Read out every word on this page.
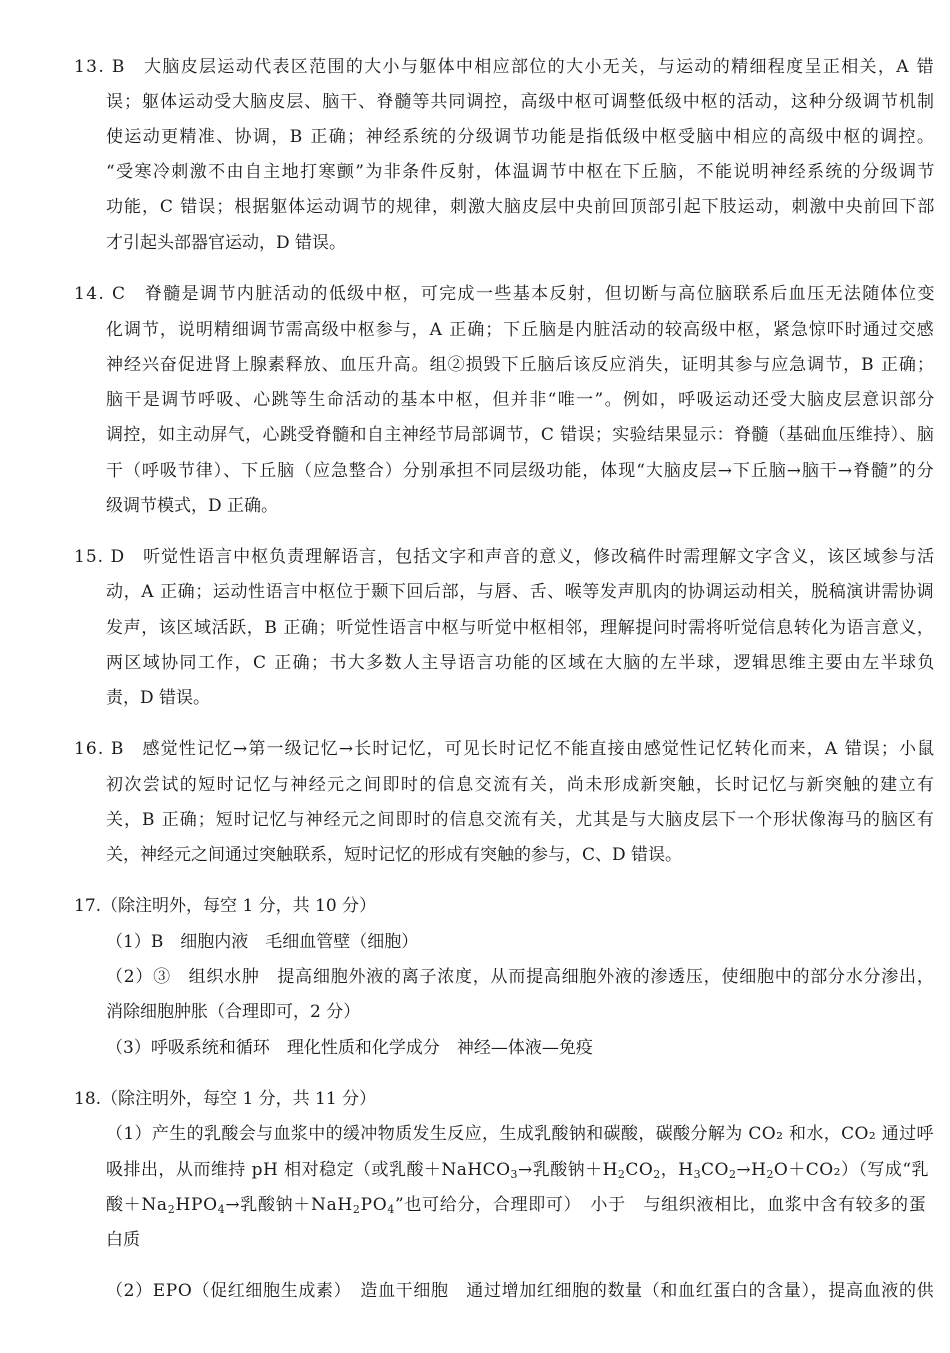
13. B　大脑皮层运动代表区范围的大小与躯体中相应部位的大小无关，与运动的精细程度呈正相关，A 错
误；躯体运动受大脑皮层、脑干、脊髓等共同调控，高级中枢可调整低级中枢的活动，这种分级调节机制
使运动更精准、协调，B 正确；神经系统的分级调节功能是指低级中枢受脑中相应的高级中枢的调控。
“受寒冷刺激不由自主地打寒颤”为非条件反射，体温调节中枢在下丘脑，不能说明神经系统的分级调节
功能，C 错误；根据躯体运动调节的规律，刺激大脑皮层中央前回顶部引起下肢运动，刺激中央前回下部
才引起头部器官运动，D 错误。
14. C　脊髓是调节内脏活动的低级中枢，可完成一些基本反射，但切断与高位脑联系后血压无法随体位变
化调节，说明精细调节需高级中枢参与，A 正确；下丘脑是内脏活动的较高级中枢，紧急惊吓时通过交感
神经兴奋促进肾上腺素释放、血压升高。组②损毁下丘脑后该反应消失，证明其参与应急调节，B 正确；
脑干是调节呼吸、心跳等生命活动的基本中枢，但并非“唯一”。例如，呼吸运动还受大脑皮层意识部分
调控，如主动屏气，心跳受脊髓和自主神经节局部调节，C 错误；实验结果显示：脊髓（基础血压维持）、脑
干（呼吸节律）、下丘脑（应急整合）分别承担不同层级功能，体现“大脑皮层→下丘脑→脑干→脊髓”的分
级调节模式，D 正确。
15. D　听觉性语言中枢负责理解语言，包括文字和声音的意义，修改稿件时需理解文字含义，该区域参与活
动，A 正确；运动性语言中枢位于颞下回后部，与唇、舌、喉等发声肌肉的协调运动相关，脱稿演讲需协调
发声，该区域活跃，B 正确；听觉性语言中枢与听觉中枢相邻，理解提问时需将听觉信息转化为语言意义，
两区域协同工作，C 正确；书大多数人主导语言功能的区域在大脑的左半球，逻辑思维主要由左半球负
责，D 错误。
16. B　感觉性记忆→第一级记忆→长时记忆，可见长时记忆不能直接由感觉性记忆转化而来，A 错误；小鼠
初次尝试的短时记忆与神经元之间即时的信息交流有关，尚未形成新突触，长时记忆与新突触的建立有
关，B 正确；短时记忆与神经元之间即时的信息交流有关，尤其是与大脑皮层下一个形状像海马的脑区有
关，神经元之间通过突触联系，短时记忆的形成有突触的参与，C、D 错误。
17.（除注明外，每空 1 分，共 10 分）
（1）B　细胞内液　毛细血管壁（细胞）
（2）③　组织水肿　提高细胞外液的离子浓度，从而提高细胞外液的渗透压，使细胞中的部分水分渗出，
消除细胞肿胀（合理即可，2 分）
（3）呼吸系统和循环　理化性质和化学成分　神经—体液—免疫
18.（除注明外，每空 1 分，共 11 分）
（1）产生的乳酸会与血浆中的缓冲物质发生反应，生成乳酸钠和碳酸，碳酸分解为 CO₂ 和水，CO₂ 通过呼
吸排出，从而维持 pH 相对稳定（或乳酸＋NaHCO$_3$→乳酸钠$+H_2CO_2$，$H_3CO_2\to H_2O+CO_2$）（写成“乳
酸$+Na_2HPO_4\to$乳酸钠$+NaH_2PO_4$”也可给分，合理即可）　小于　与组织液相比，血浆中含有较多的蛋
白质
（2）EPO（促红细胞生成素）　造血干细胞　通过增加红细胞的数量（和血红蛋白的含量），提高血液的供
